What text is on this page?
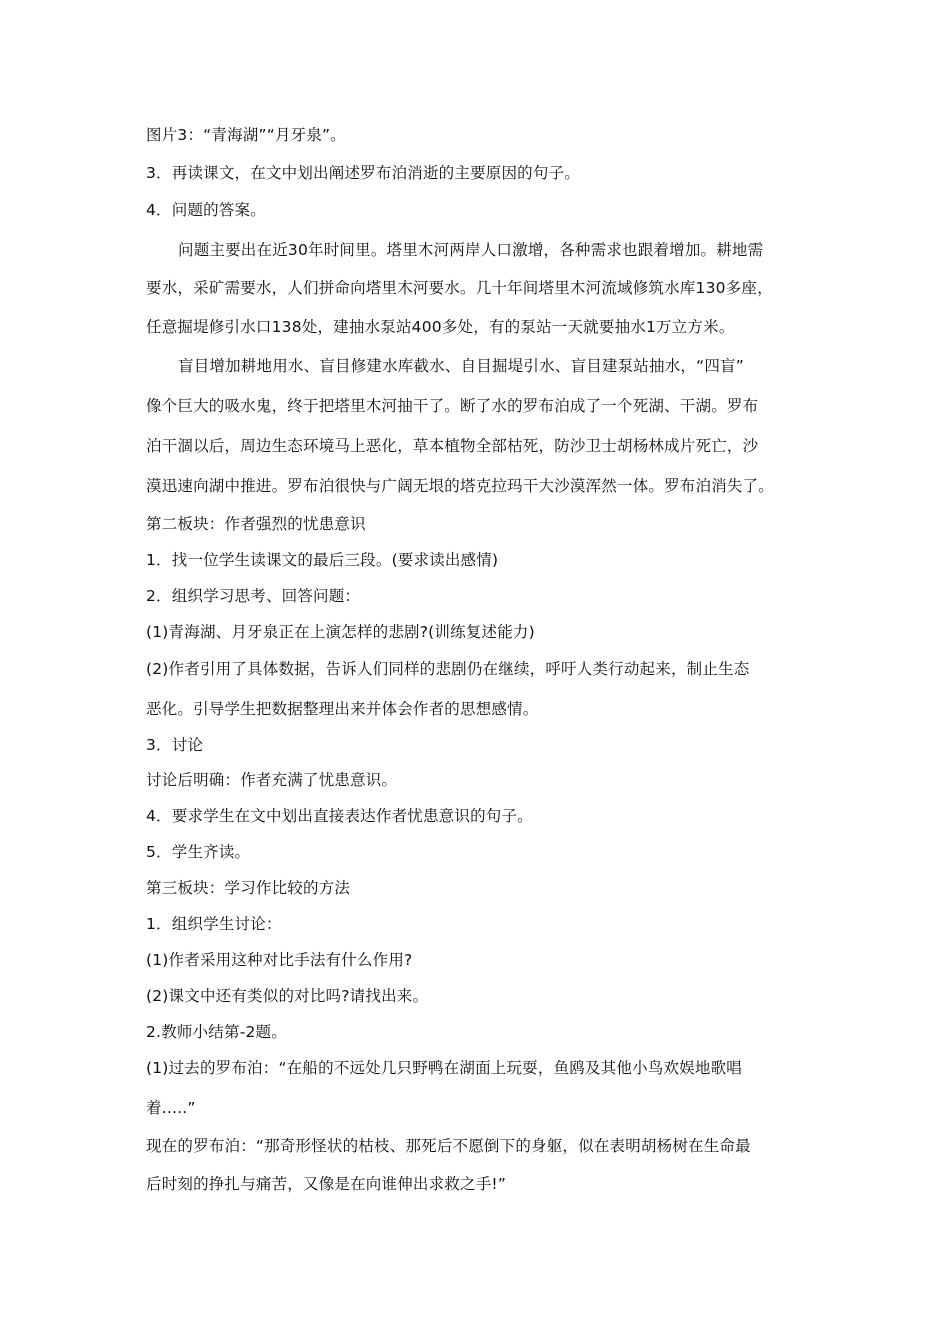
图片3：“青海湖”“月牙泉”。
3．再读课文，在文中划出阐述罗布泊消逝的主要原因的句子。
4．问题的答案。
问题主要出在近30年时间里。塔里木河两岸人口激增，各种需求也跟着增加。耕地需
要水，采矿需要水，人们拼命向塔里木河要水。几十年间塔里木河流域修筑水库130多座，
任意掘堤修引水口138处，建抽水泵站400多处，有的泵站一天就要抽水1万立方米。
盲目增加耕地用水、盲目修建水库截水、自目掘堤引水、盲目建泵站抽水，“四盲”
像个巨大的吸水鬼，终于把塔里木河抽干了。断了水的罗布泊成了一个死湖、干湖。罗布
泊干涸以后，周边生态环境马上恶化，草本植物全部枯死，防沙卫士胡杨林成片死亡，沙
漠迅速向湖中推进。罗布泊很快与广阔无垠的塔克拉玛干大沙漠浑然一体。罗布泊消失了。
第二板块：作者强烈的忧患意识
1．找一位学生读课文的最后三段。(要求读出感情)
2．组织学习思考、回答问题：
(1)青海湖、月牙泉正在上演怎样的悲剧?(训练复述能力)
(2)作者引用了具体数据，告诉人们同样的悲剧仍在继续，呼吁人类行动起来，制止生态
恶化。引导学生把数据整理出来并体会作者的思想感情。
3．讨论
讨论后明确：作者充满了忧患意识。
4．要求学生在文中划出直接表达作者忧患意识的句子。
5．学生齐读。
第三板块：学习作比较的方法
1．组织学生讨论：
(1)作者采用这种对比手法有什么作用?
(2)课文中还有类似的对比吗?请找出来。
2.教师小结第-2题。
(1)过去的罗布泊：“在船的不远处几只野鸭在湖面上玩耍，鱼鸥及其他小鸟欢娱地歌唱
着.....”
现在的罗布泊：“那奇形怪状的枯枝、那死后不愿倒下的身躯，似在表明胡杨树在生命最
后时刻的挣扎与痛苦，又像是在向谁伸出求救之手!”
